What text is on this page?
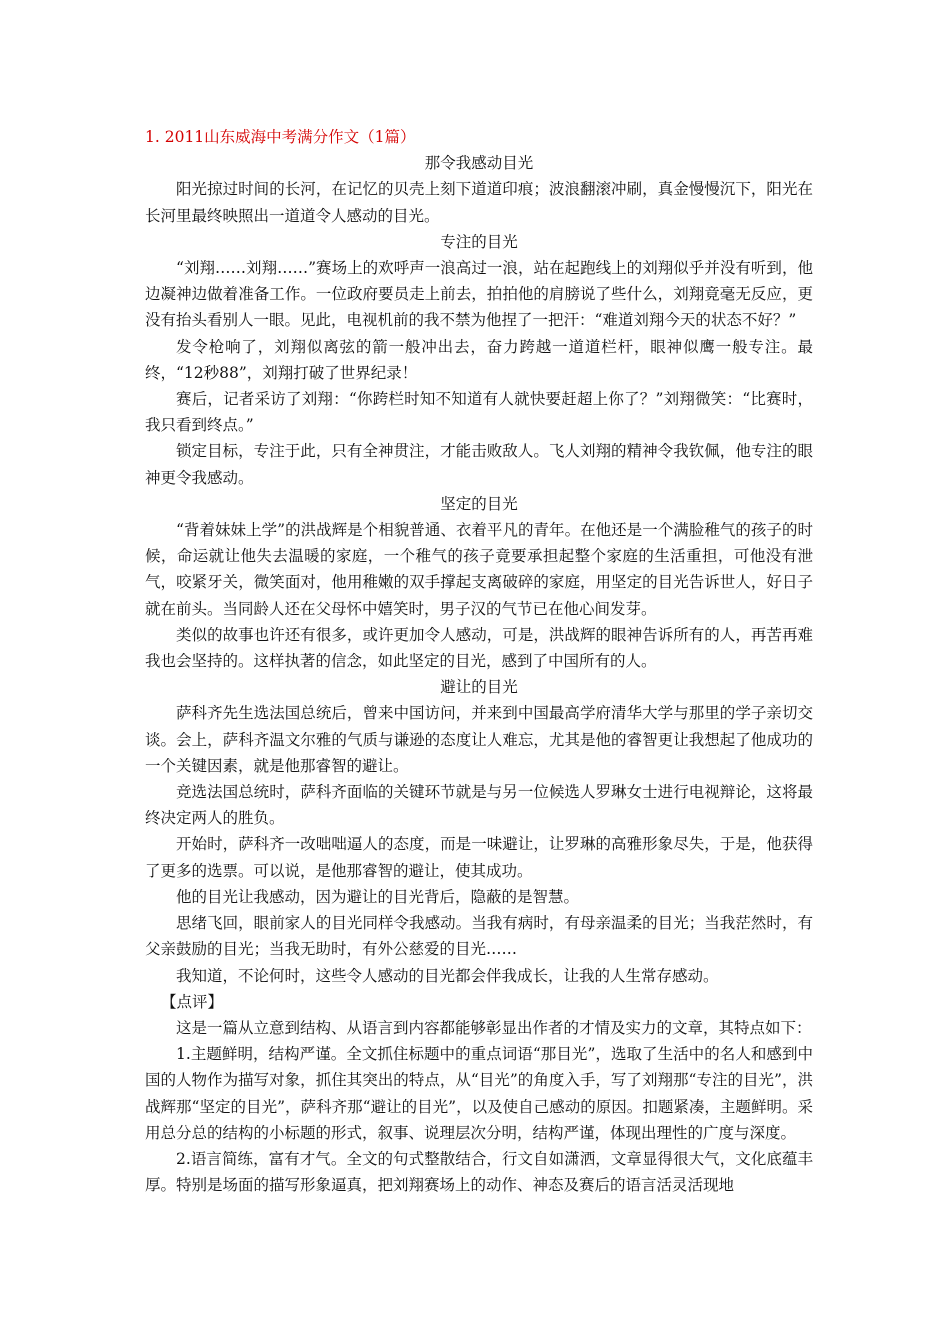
1. 2011山东威海中考满分作文（1篇）

那令我感动目光

阳光掠过时间的长河，在记忆的贝壳上刻下道道印痕；波浪翻滚冲刷，真金慢慢沉下，阳光在长河里最终映照出一道道令人感动的目光。

专注的目光

“刘翔……刘翔……”赛场上的欢呼声一浪高过一浪，站在起跑线上的刘翔似乎并没有听到，他边凝神边做着准备工作。一位政府要员走上前去，拍拍他的肩膀说了些什么，刘翔竟毫无反应，更没有抬头看别人一眼。见此，电视机前的我不禁为他捏了一把汗：“难道刘翔今天的状态不好？”

发令枪响了，刘翔似离弦的箭一般冲出去，奋力跨越一道道栏杆，眼神似鹰一般专注。最终，“12秒88”，刘翔打破了世界纪录！

赛后，记者采访了刘翔：“你跨栏时知不知道有人就快要赶超上你了？”刘翔微笑：“比赛时，我只看到终点。”

锁定目标，专注于此，只有全神贯注，才能击败敌人。飞人刘翔的精神令我钦佩，他专注的眼神更令我感动。

坚定的目光

“背着妹妹上学”的洪战辉是个相貌普通、衣着平凡的青年。在他还是一个满脸稚气的孩子的时候，命运就让他失去温暖的家庭，一个稚气的孩子竟要承担起整个家庭的生活重担，可他没有泄气，咬紧牙关，微笑面对，他用稚嫩的双手撑起支离破碎的家庭，用坚定的目光告诉世人，好日子就在前头。当同龄人还在父母怀中嬉笑时，男子汉的气节已在他心间发芽。

类似的故事也许还有很多，或许更加令人感动，可是，洪战辉的眼神告诉所有的人，再苦再难我也会坚持的。这样执著的信念，如此坚定的目光，感到了中国所有的人。

避让的目光

萨科齐先生选法国总统后，曾来中国访问，并来到中国最高学府清华大学与那里的学子亲切交谈。会上，萨科齐温文尔雅的气质与谦逊的态度让人难忘，尤其是他的睿智更让我想起了他成功的一个关键因素，就是他那睿智的避让。

竞选法国总统时，萨科齐面临的关键环节就是与另一位候选人罗琳女士进行电视辩论，这将最终决定两人的胜负。

开始时，萨科齐一改咄咄逼人的态度，而是一味避让，让罗琳的高雅形象尽失，于是，他获得了更多的选票。可以说，是他那睿智的避让，使其成功。

他的目光让我感动，因为避让的目光背后，隐蔽的是智慧。

思绪飞回，眼前家人的目光同样令我感动。当我有病时，有母亲温柔的目光；当我茫然时，有父亲鼓励的目光；当我无助时，有外公慈爱的目光……

我知道，不论何时，这些令人感动的目光都会伴我成长，让我的人生常存感动。

【点评】

这是一篇从立意到结构、从语言到内容都能够彰显出作者的才情及实力的文章，其特点如下：

1.主题鲜明，结构严谨。全文抓住标题中的重点词语“那目光”，选取了生活中的名人和感到中国的人物作为描写对象，抓住其突出的特点，从“目光”的角度入手，写了刘翔那“专注的目光”，洪战辉那“坚定的目光”，萨科齐那“避让的目光”，以及使自己感动的原因。扣题紧凑，主题鲜明。采用总分总的结构的小标题的形式，叙事、说理层次分明，结构严谨，体现出理性的广度与深度。

2.语言简练，富有才气。全文的句式整散结合，行文自如潇洒，文章显得很大气，文化底蕴丰厚。特别是场面的描写形象逼真，把刘翔赛场上的动作、神态及赛后的语言活灵活现地
